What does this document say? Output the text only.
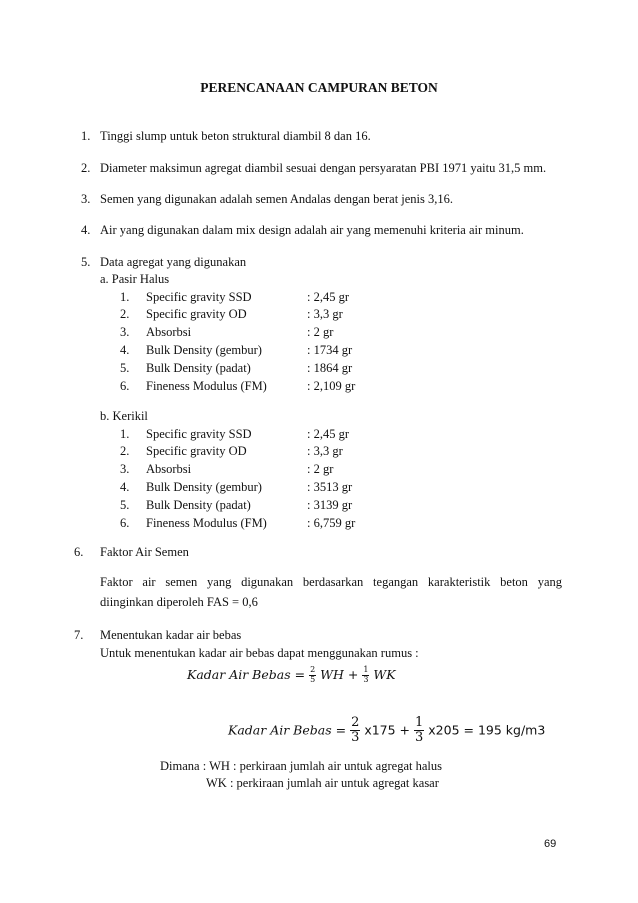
PERENCANAAN CAMPURAN BETON
1. Tinggi slump untuk beton struktural diambil 8 dan 16.
2. Diameter maksimun agregat diambil sesuai dengan persyaratan PBI 1971 yaitu 31,5 mm.
3. Semen yang digunakan adalah semen Andalas dengan berat jenis 3,16.
4. Air yang digunakan dalam mix design adalah air yang memenuhi kriteria air minum.
5. Data agregat yang digunakan
a. Pasir Halus
1. Specific gravity SSD	: 2,45 gr
2. Specific gravity OD	: 3,3 gr
3. Absorbsi	: 2 gr
4. Bulk Density (gembur)	: 1734 gr
5. Bulk Density (padat)	: 1864 gr
6. Fineness Modulus (FM)	: 2,109 gr
b. Kerikil
1. Specific gravity SSD	: 2,45 gr
2. Specific gravity OD	: 3,3 gr
3. Absorbsi	: 2 gr
4. Bulk Density (gembur)	: 3513 gr
5. Bulk Density (padat)	: 3139 gr
6. Fineness Modulus (FM)	: 6,759 gr
6. Faktor Air Semen
Faktor air semen yang digunakan berdasarkan tegangan karakteristik beton yang
diinginkan diperoleh FAS = 0,6
7. Menentukan kadar air bebas
Untuk menentukan kadar air bebas dapat menggunakan rumus :
Kadar Air Bebas = $\frac{2}{5}$ WH + $\frac{1}{3}$ WK
Kadar Air Bebas = $\frac{2}{3} x175 + \frac{1}{3} x205 = 195$ kg/m3
Dimana : WH : perkiraan jumlah air untuk agregat halus
WK : perkiraan jumlah air untuk agregat kasar
69
